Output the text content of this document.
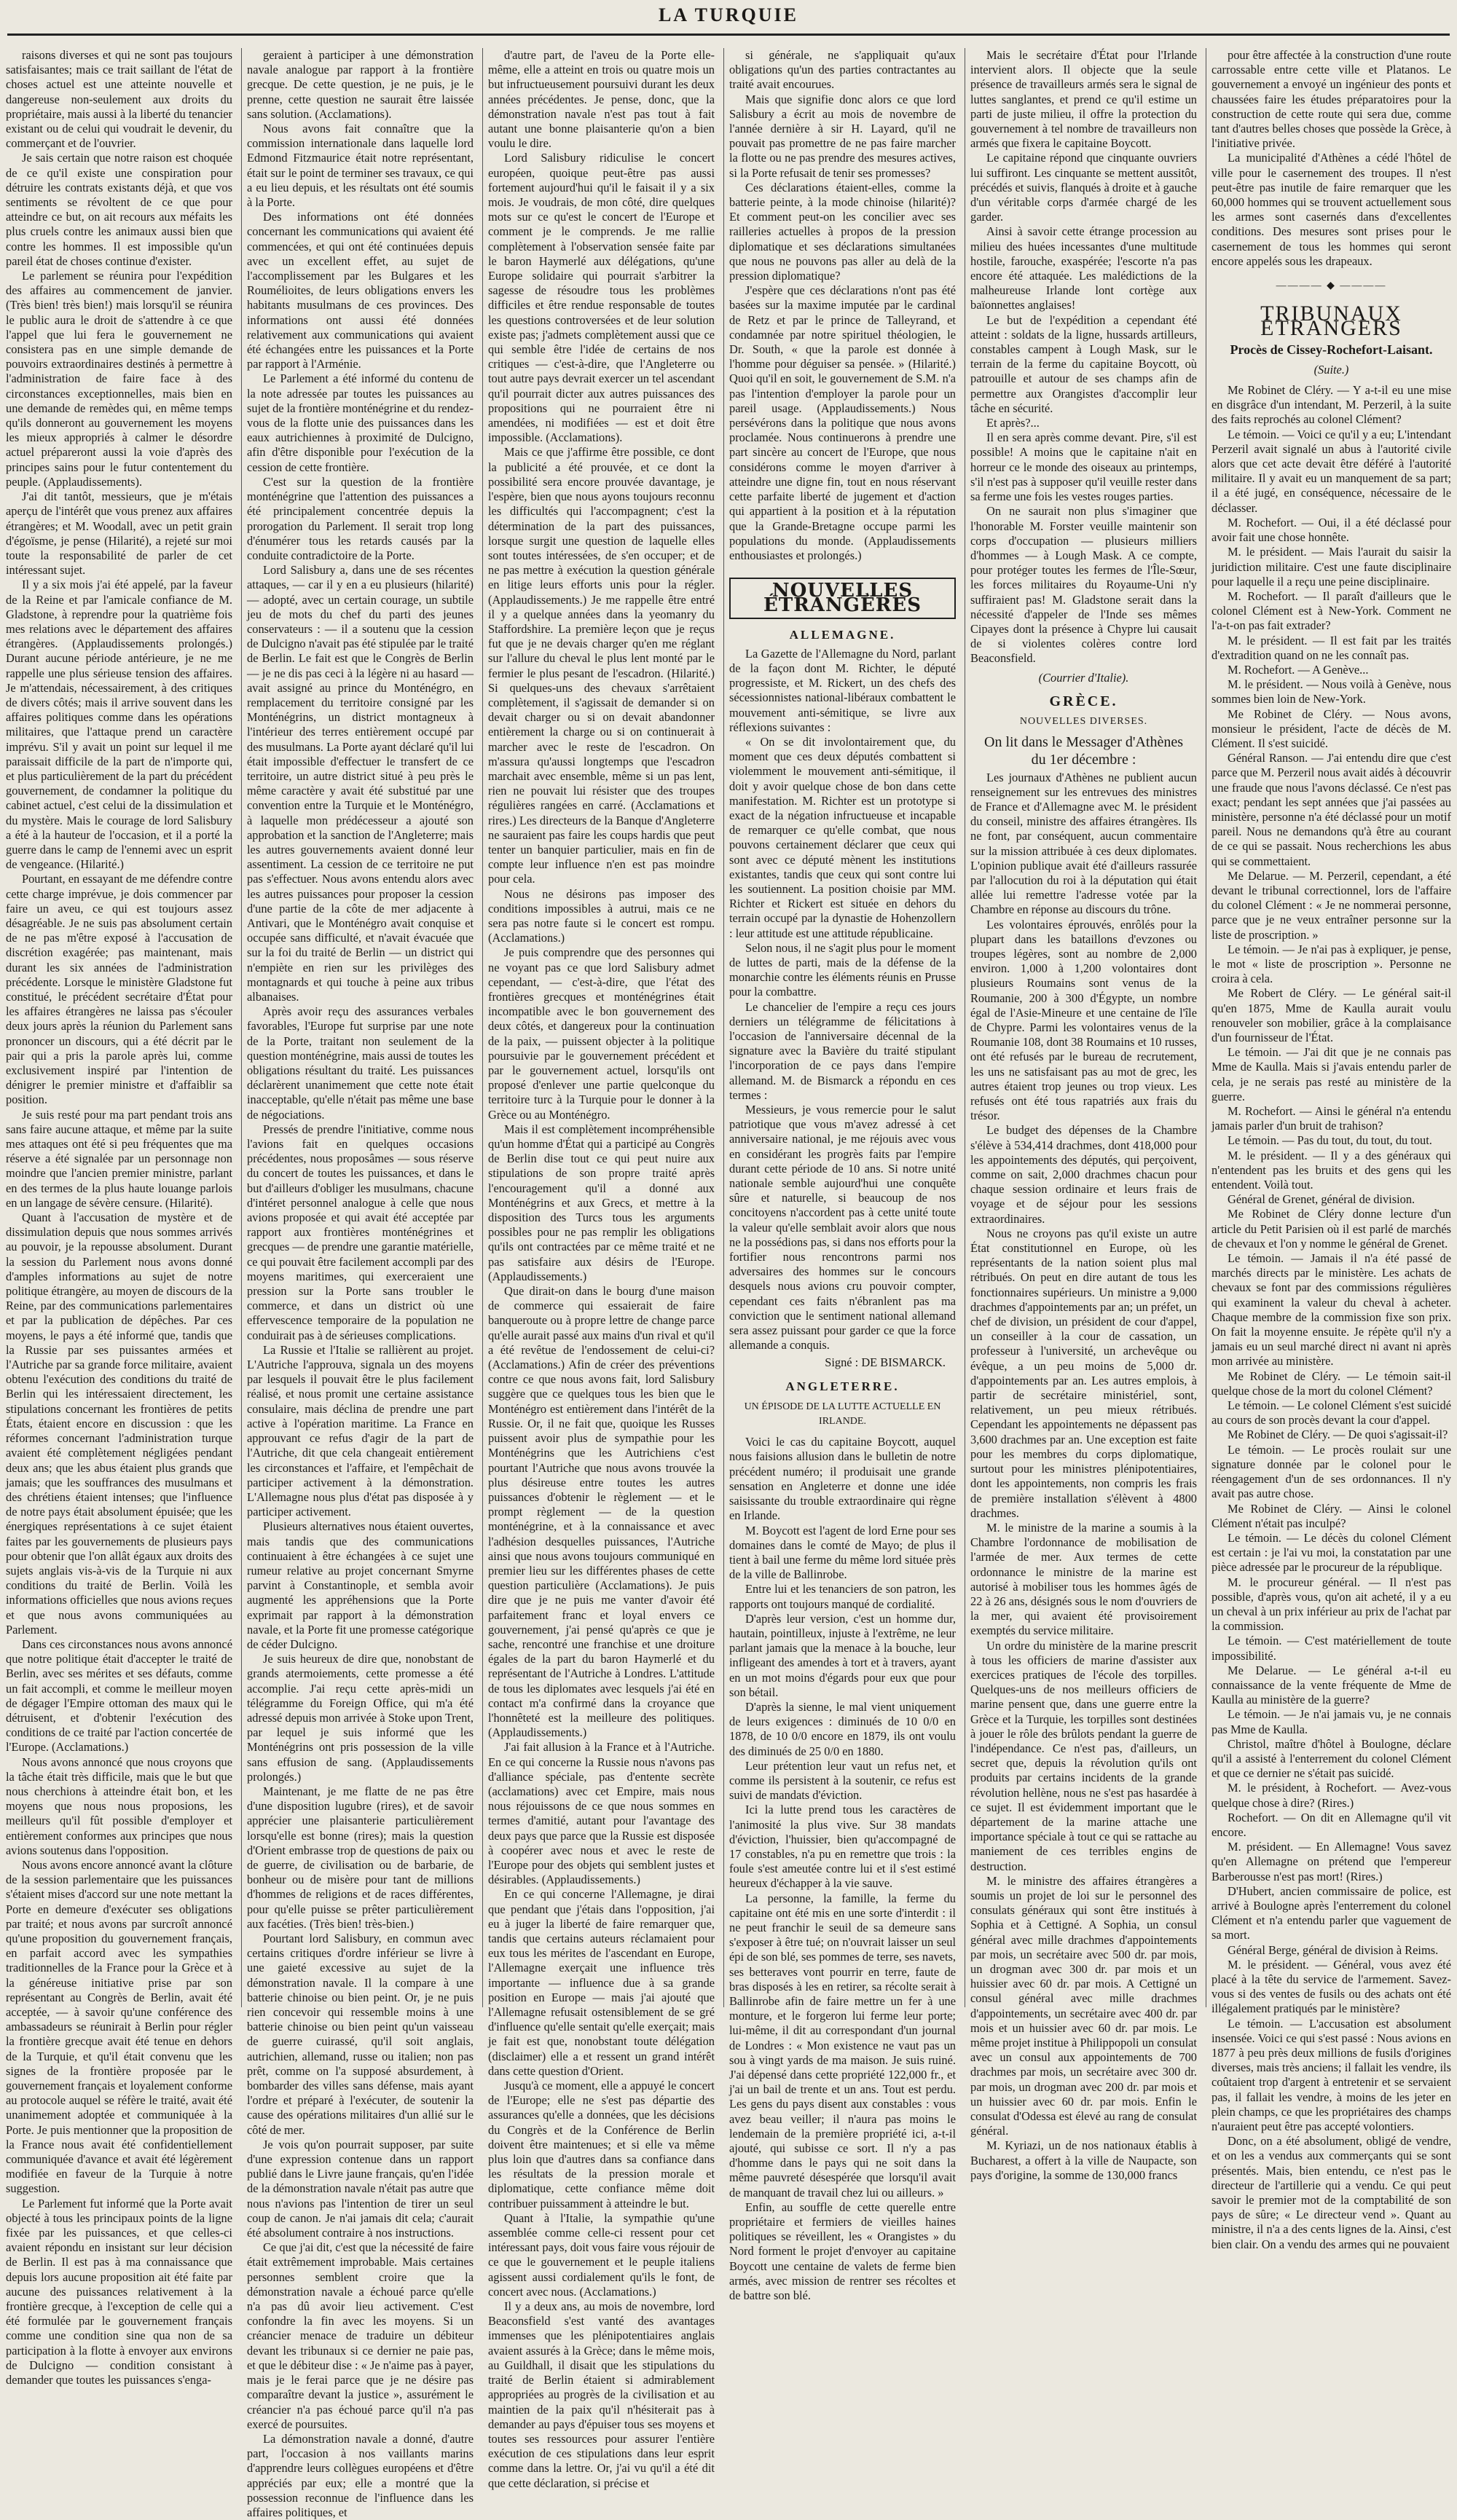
LA TURQUIE

raisons diverses et qui ne sont pas toujours satisfaisantes; mais ce trait saillant de l'état de choses actuel est une atteinte nouvelle et dangereuse non-seulement aux droits du propriétaire, mais aussi à la liberté du tenancier existant ou de celui qui voudrait le devenir, du commerçant et de l'ouvrier.

Je sais certain que notre raison est choquée de ce qu'il existe une conspiration pour détruire les contrats existants déjà, et que vos sentiments se révoltent de ce que pour atteindre ce but, on ait recours aux méfaits les plus cruels contre les animaux aussi bien que contre les hommes. Il est impossible qu'un pareil état de choses continue d'exister.

Le parlement se réunira pour l'expédition des affaires au commencement de janvier. (Très bien! très bien!) mais lorsqu'il se réunira le public aura le droit de s'attendre à ce que l'appel que lui fera le gouvernement ne consistera pas en une simple demande de pouvoirs extraordinaires destinés à permettre à l'administration de faire face à des circonstances exceptionnelles, mais bien en une demande de remèdes qui, en même temps qu'ils donneront au gouvernement les moyens les mieux appropriés à calmer le désordre actuel prépareront aussi la voie d'après des principes sains pour le futur contentement du peuple. (Applaudissements).

J'ai dit tantôt, messieurs, que je m'étais aperçu de l'intérêt que vous prenez aux affaires étrangères; et M. Woodall, avec un petit grain d'égoïsme, je pense (Hilarité), a rejeté sur moi toute la responsabilité de parler de cet intéressant sujet.

Il y a six mois j'ai été appelé, par la faveur de la Reine et par l'amicale confiance de M. Gladstone, à reprendre pour la quatrième fois mes relations avec le département des affaires étrangères. (Applaudissements prolongés.) Durant aucune période antérieure, je ne me rappelle une plus sérieuse tension des affaires. Je m'attendais, nécessairement, à des critiques de divers côtés; mais il arrive souvent dans les affaires politiques comme dans les opérations militaires, que l'attaque prend un caractère imprévu. S'il y avait un point sur lequel il me paraissait difficile de la part de n'importe qui, et plus particulièrement de la part du précédent gouvernement, de condamner la politique du cabinet actuel, c'est celui de la dissimulation et du mystère. Mais le courage de lord Salisbury a été à la hauteur de l'occasion, et il a porté la guerre dans le camp de l'ennemi avec un esprit de vengeance. (Hilarité.)

Pourtant, en essayant de me défendre contre cette charge imprévue, je dois commencer par faire un aveu, ce qui est toujours assez désagréable. Je ne suis pas absolument certain de ne pas m'être exposé à l'accusation de discrétion exagérée; pas maintenant, mais durant les six années de l'administration précédente. Lorsque le ministère Gladstone fut constitué, le précédent secrétaire d'État pour les affaires étrangères ne laissa pas s'écouler deux jours après la réunion du Parlement sans prononcer un discours, qui a été décrit par le pair qui a pris la parole après lui, comme exclusivement inspiré par l'intention de dénigrer le premier ministre et d'affaiblir sa position.

Je suis resté pour ma part pendant trois ans sans faire aucune attaque, et même par la suite mes attaques ont été si peu fréquentes que ma réserve a été signalée par un personnage non moindre que l'ancien premier ministre, parlant en des termes de la plus haute louange parlois en un langage de sévère censure. (Hilarité).

Quant à l'accusation de mystère et de dissimulation depuis que nous sommes arrivés au pouvoir, je la repousse absolument. Durant la session du Parlement nous avons donné d'amples informations au sujet de notre politique étrangère, au moyen de discours de la Reine, par des communications parlementaires et par la publication de dépêches. Par ces moyens, le pays a été informé que, tandis que la Russie par ses puissantes armées et l'Autriche par sa grande force militaire, avaient obtenu l'exécution des conditions du traité de Berlin qui les intéressaient directement, les stipulations concernant les frontières de petits États, étaient encore en discussion : que les réformes concernant l'administration turque avaient été complètement négligées pendant deux ans; que les abus étaient plus grands que jamais; que les souffrances des musulmans et des chrétiens étaient intenses; que l'influence de notre pays était absolument épuisée; que les énergiques représentations à ce sujet étaient faites par les gouvernements de plusieurs pays pour obtenir que l'on allât égaux aux droits des sujets anglais vis-à-vis de la Turquie ni aux conditions du traité de Berlin. Voilà les informations officielles que nous avions reçues et que nous avons communiquées au Parlement.

Dans ces circonstances nous avons annoncé que notre politique était d'accepter le traité de Berlin, avec ses mérites et ses défauts, comme un fait accompli, et comme le meilleur moyen de dégager l'Empire ottoman des maux qui le détruisent, et d'obtenir l'exécution des conditions de ce traité par l'action concertée de l'Europe. (Acclamations.)

Nous avons annoncé que nous croyons que la tâche était très difficile, mais que le but que nous cherchions à atteindre était bon, et les moyens que nous nous proposions, les meilleurs qu'il fût possible d'employer et entièrement conformes aux principes que nous avions soutenus dans l'opposition.

Nous avons encore annoncé avant la clôture de la session parlementaire que les puissances s'étaient mises d'accord sur une note mettant la Porte en demeure d'exécuter ses obligations par traité; et nous avons par surcroît annoncé qu'une proposition du gouvernement français, en parfait accord avec les sympathies traditionnelles de la France pour la Grèce et à la généreuse initiative prise par son représentant au Congrès de Berlin, avait été acceptée, — à savoir qu'une conférence des ambassadeurs se réunirait à Berlin pour régler la frontière grecque avait été tenue en dehors de la Turquie, et qu'il était convenu que les signes de la frontière proposée par le gouvernement français et loyalement conforme au protocole auquel se réfère le traité, avait été unanimement adoptée et communiquée à la Porte. Je puis mentionner que la proposition de la France nous avait été confidentiellement communiquée d'avance et avait été légèrement modifiée en faveur de la Turquie à notre suggestion.

Le Parlement fut informé que la Porte avait objecté à tous les principaux points de la ligne fixée par les puissances, et que celles-ci avaient répondu en insistant sur leur décision de Berlin. Il est pas à ma connaissance que depuis lors aucune proposition ait été faite par aucune des puissances relativement à la frontière grecque, à l'exception de celle qui a été formulée par le gouvernement français comme une condition sine qua non de sa participation à la flotte à envoyer aux environs de Dulcigno — condition consistant à demander que toutes les puissances s'enga-

geraient à participer à une démonstration navale analogue par rapport à la frontière grecque. De cette question, je ne puis, je le prenne, cette question ne saurait être laissée sans solution. (Acclamations).

Nous avons fait connaître que la commission internationale dans laquelle lord Edmond Fitzmaurice était notre représentant, était sur le point de terminer ses travaux, ce qui a eu lieu depuis, et les résultats ont été soumis à la Porte.

Des informations ont été données concernant les communications qui avaient été commencées, et qui ont été continuées depuis avec un excellent effet, au sujet de l'accomplissement par les Bulgares et les Roumélioites, de leurs obligations envers les habitants musulmans de ces provinces. Des informations ont aussi été données relativement aux communications qui avaient été échangées entre les puissances et la Porte par rapport à l'Arménie.

Le Parlement a été informé du contenu de la note adressée par toutes les puissances au sujet de la frontière monténégrine et du rendez-vous de la flotte unie des puissances dans les eaux autrichiennes à proximité de Dulcigno, afin d'être disponible pour l'exécution de la cession de cette frontière.

C'est sur la question de la frontière monténégrine que l'attention des puissances a été principalement concentrée depuis la prorogation du Parlement. Il serait trop long d'énumérer tous les retards causés par la conduite contradictoire de la Porte.

Lord Salisbury a, dans une de ses récentes attaques, — car il y en a eu plusieurs (hilarité) — adopté, avec un certain courage, un subtile jeu de mots du chef du parti des jeunes conservateurs : — il a soutenu que la cession de Dulcigno n'avait pas été stipulée par le traité de Berlin. Le fait est que le Congrès de Berlin — je ne dis pas ceci à la légère ni au hasard — avait assigné au prince du Monténégro, en remplacement du territoire consigné par les Monténégrins, un district montagneux à l'intérieur des terres entièrement occupé par des musulmans. La Porte ayant déclaré qu'il lui était impossible d'effectuer le transfert de ce territoire, un autre district situé à peu près le même caractère y avait été substitué par une convention entre la Turquie et le Monténégro, à laquelle mon prédécesseur a ajouté son approbation et la sanction de l'Angleterre; mais les autres gouvernements avaient donné leur assentiment. La cession de ce territoire ne put pas s'effectuer. Nous avons entendu alors avec les autres puissances pour proposer la cession d'une partie de la côte de mer adjacente à Antivari, que le Monténégro avait conquise et occupée sans difficulté, et n'avait évacuée que sur la foi du traité de Berlin — un district qui n'empiète en rien sur les privilèges des montagnards et qui touche à peine aux tribus albanaises.

Après avoir reçu des assurances verbales favorables, l'Europe fut surprise par une note de la Porte, traitant non seulement de la question monténégrine, mais aussi de toutes les obligations résultant du traité. Les puissances déclarèrent unanimement que cette note était inacceptable, qu'elle n'était pas même une base de négociations.

Pressés de prendre l'initiative, comme nous l'avions fait en quelques occasions précédentes, nous proposâmes — sous réserve du concert de toutes les puissances, et dans le but d'ailleurs d'obliger les musulmans, chacune d'intéret personnel analogue à celle que nous avions proposée et qui avait été acceptée par rapport aux frontières monténégrines et grecques — de prendre une garantie matérielle, ce qui pouvait être facilement accompli par des moyens maritimes, qui exerceraient une pression sur la Porte sans troubler le commerce, et dans un district où une effervescence temporaire de la population ne conduirait pas à de sérieuses complications.

La Russie et l'Italie se rallièrent au projet. L'Autriche l'approuva, signala un des moyens par lesquels il pouvait être le plus facilement réalisé, et nous promit une certaine assistance consulaire, mais déclina de prendre une part active à l'opération maritime. La France en approuvant ce refus d'agir de la part de l'Autriche, dit que cela changeait entièrement les circonstances et l'affaire, et l'empêchait de participer activement à la démonstration. L'Allemagne nous plus d'état pas disposée à y participer activement.

Plusieurs alternatives nous étaient ouvertes, mais tandis que des communications continuaient à être échangées à ce sujet une rumeur relative au projet concernant Smyrne parvint à Constantinople, et sembla avoir augmenté les appréhensions que la Porte exprimait par rapport à la démonstration navale, et la Porte fit une promesse catégorique de céder Dulcigno.

Je suis heureux de dire que, nonobstant de grands atermoiements, cette promesse a été accomplie. J'ai reçu cette après-midi un télégramme du Foreign Office, qui m'a été adressé depuis mon arrivée à Stoke upon Trent, par lequel je suis informé que les Monténégrins ont pris possession de la ville sans effusion de sang. (Applaudissements prolongés.)

Maintenant, je me flatte de ne pas être d'une disposition lugubre (rires), et de savoir apprécier une plaisanterie particulièrement lorsqu'elle est bonne (rires); mais la question d'Orient embrasse trop de questions de paix ou de guerre, de civilisation ou de barbarie, de bonheur ou de misère pour tant de millions d'hommes de religions et de races différentes, pour qu'elle puisse se prêter particulièrement aux facéties. (Très bien! très-bien.)

Pourtant lord Salisbury, en commun avec certains critiques d'ordre inférieur se livre à une gaieté excessive au sujet de la démonstration navale. Il la compare à une batterie chinoise ou bien peint. Or, je ne puis rien concevoir qui ressemble moins à une batterie chinoise ou bien peint qu'un vaisseau de guerre cuirassé, qu'il soit anglais, autrichien, allemand, russe ou italien; non pas prêt, comme on l'a supposé absurdement, à bombarder des villes sans défense, mais ayant l'ordre et préparé à l'exécuter, de soutenir la cause des opérations militaires d'un allié sur le côté de mer.

Je vois qu'on pourrait supposer, par suite d'une expression contenue dans un rapport publié dans le Livre jaune français, qu'en l'idée de la démonstration navale n'était pas autre que nous n'avions pas l'intention de tirer un seul coup de canon. Je n'ai jamais dit cela; c'aurait été absolument contraire à nos instructions.

Ce que j'ai dit, c'est que la nécessité de faire était extrêmement improbable. Mais certaines personnes semblent croire que la démonstration navale a échoué parce qu'elle n'a pas dû avoir lieu activement. C'est confondre la fin avec les moyens. Si un créancier menace de traduire un débiteur devant les tribunaux si ce dernier ne paie pas, et que le débiteur dise : « Je n'aime pas à payer, mais je le ferai parce que je ne désire pas comparaître devant la justice », assurément le créancier n'a pas échoué parce qu'il n'a pas exercé de poursuites.

La démonstration navale a donné, d'autre part, l'occasion à nos vaillants marins d'apprendre leurs collègues européens et d'être appréciés par eux; elle a montré que la possession reconnue de l'influence dans les affaires politiques, et

d'autre part, de l'aveu de la Porte elle-même, elle a atteint en trois ou quatre mois un but infructueusement poursuivi durant les deux années précédentes. Je pense, donc, que la démonstration navale n'est pas tout à fait autant une bonne plaisanterie qu'on a bien voulu le dire.

Lord Salisbury ridiculise le concert européen, quoique peut-être pas aussi fortement aujourd'hui qu'il le faisait il y a six mois. Je voudrais, de mon côté, dire quelques mots sur ce qu'est le concert de l'Europe et comment je le comprends. Je me rallie complètement à l'observation sensée faite par le baron Haymerlé aux délégations, qu'une Europe solidaire qui pourrait s'arbitrer la sagesse de résoudre tous les problèmes difficiles et être rendue responsable de toutes les questions controversées et de leur solution existe pas; j'admets complètement aussi que ce qui semble être l'idée de certains de nos critiques — c'est-à-dire, que l'Angleterre ou tout autre pays devrait exercer un tel ascendant qu'il pourrait dicter aux autres puissances des propositions qui ne pourraient être ni amendées, ni modifiées — est et doit être impossible. (Acclamations).

Mais ce que j'affirme être possible, ce dont la publicité a été prouvée, et ce dont la possibilité sera encore prouvée davantage, je l'espère, bien que nous ayons toujours reconnu les difficultés qui l'accompagnent; c'est la détermination de la part des puissances, lorsque surgit une question de laquelle elles sont toutes intéressées, de s'en occuper; et de ne pas mettre à exécution la question générale en litige leurs efforts unis pour la régler. (Applaudissements.) Je me rappelle être entré il y a quelque années dans la yeomanry du Staffordshire. La première leçon que je reçus fut que je ne devais charger qu'en me réglant sur l'allure du cheval le plus lent monté par le fermier le plus pesant de l'escadron. (Hilarité.) Si quelques-uns des chevaux s'arrêtaient complètement, il s'agissait de demander si on devait charger ou si on devait abandonner entièrement la charge ou si on continuerait à marcher avec le reste de l'escadron. On m'assura qu'aussi longtemps que l'escadron marchait avec ensemble, même si un pas lent, rien ne pouvait lui résister que des troupes régulières rangées en carré. (Acclamations et rires.) Les directeurs de la Banque d'Angleterre ne sauraient pas faire les coups hardis que peut tenter un banquier particulier, mais en fin de compte leur influence n'en est pas moindre pour cela.

Nous ne désirons pas imposer des conditions impossibles à autrui, mais ce ne sera pas notre faute si le concert est rompu. (Acclamations.)

Je puis comprendre que des personnes qui ne voyant pas ce que lord Salisbury admet cependant, — c'est-à-dire, que l'état des frontières grecques et monténégrines était incompatible avec le bon gouvernement des deux côtés, et dangereux pour la continuation de la paix, — puissent objecter à la politique poursuivie par le gouvernement précédent et par le gouvernement actuel, lorsqu'ils ont proposé d'enlever une partie quelconque du territoire turc à la Turquie pour le donner à la Grèce ou au Monténégro.

Mais il est complètement incompréhensible qu'un homme d'État qui a participé au Congrès de Berlin dise tout ce qui peut nuire aux stipulations de son propre traité après l'encouragement qu'il a donné aux Monténégrins et aux Grecs, et mettre à la disposition des Turcs tous les arguments possibles pour ne pas remplir les obligations qu'ils ont contractées par ce même traité et ne pas satisfaire aux désirs de l'Europe. (Applaudissements.)

Que dirait-on dans le bourg d'une maison de commerce qui essaierait de faire banqueroute ou à propre lettre de change parce qu'elle aurait passé aux mains d'un rival et qu'il a été revêtue de l'endossement de celui-ci? (Acclamations.) Afin de créer des préventions contre ce que nous avons fait, lord Salisbury suggère que ce quelques tous les bien que le Monténégro est entièrement dans l'intérêt de la Russie. Or, il ne fait que, quoique les Russes puissent avoir plus de sympathie pour les Monténégrins que les Autrichiens c'est pourtant l'Autriche que nous avons trouvée la plus désireuse entre toutes les autres puissances d'obtenir le règlement — et le prompt règlement — de la question monténégrine, et à la connaissance et avec l'adhésion desquelles puissances, l'Autriche ainsi que nous avons toujours communiqué en premier lieu sur les différentes phases de cette question particulière (Acclamations). Je puis dire que je ne puis me vanter d'avoir été parfaitement franc et loyal envers ce gouvernement, j'ai pensé qu'après ce que je sache, rencontré une franchise et une droiture égales de la part du baron Haymerlé et du représentant de l'Autriche à Londres. L'attitude de tous les diplomates avec lesquels j'ai été en contact m'a confirmé dans la croyance que l'honnêteté est la meilleure des politiques. (Applaudissements.)

J'ai fait allusion à la France et à l'Autriche. En ce qui concerne la Russie nous n'avons pas d'alliance spéciale, pas d'entente secrète (acclamations) avec cet Empire, mais nous nous réjouissons de ce que nous sommes en termes d'amitié, autant pour l'avantage des deux pays que parce que la Russie est disposée à coopérer avec nous et avec le reste de l'Europe pour des objets qui semblent justes et désirables. (Applaudissements.)

En ce qui concerne l'Allemagne, je dirai que pendant que j'étais dans l'opposition, j'ai eu à juger la liberté de faire remarquer que, tandis que certains auteurs réclamaient pour eux tous les mérites de l'ascendant en Europe, l'Allemagne exerçait une influence très importante — influence due à sa grande position en Europe — mais j'ai ajouté que l'Allemagne refusait ostensiblement de se gré d'influence qu'elle sentait qu'elle exerçait; mais je fait est que, nonobstant toute délégation (disclaimer) elle a et ressent un grand intérêt dans cette question d'Orient.

Jusqu'à ce moment, elle a appuyé le concert de l'Europe; elle ne s'est pas départie des assurances qu'elle a données, que les décisions du Congrès et de la Conférence de Berlin doivent être maintenues; et si elle va même plus loin que d'autres dans sa confiance dans les résultats de la pression morale et diplomatique, cette confiance même doit contribuer puissamment à atteindre le but.

Quant à l'Italie, la sympathie qu'une assemblée comme celle-ci ressent pour cet intéressant pays, doit vous faire vous réjouir de ce que le gouvernement et le peuple italiens agissent aussi cordialement qu'ils le font, de concert avec nous. (Acclamations.)

Il y a deux ans, au mois de novembre, lord Beaconsfield s'est vanté des avantages immenses que les plénipotentiaires anglais avaient assurés à la Grèce; dans le même mois, au Guildhall, il disait que les stipulations du traité de Berlin étaient si admirablement appropriées au progrès de la civilisation et au maintien de la paix qu'il n'hésiterait pas à demander au pays d'épuiser tous ses moyens et toutes ses ressources pour assurer l'entière exécution de ces stipulations dans leur esprit comme dans la lettre. Or, j'ai vu qu'il a été dit que cette déclaration, si précise et

si générale, ne s'appliquait qu'aux obligations qu'un des parties contractantes au traité avait encourues.

Mais que signifie donc alors ce que lord Salisbury a écrit au mois de novembre de l'année dernière à sir H. Layard, qu'il ne pouvait pas promettre de ne pas faire marcher la flotte ou ne pas prendre des mesures actives, si la Porte refusait de tenir ses promesses?

Ces déclarations étaient-elles, comme la batterie peinte, à la mode chinoise (hilarité)? Et comment peut-on les concilier avec ses railleries actuelles à propos de la pression diplomatique et ses déclarations simultanées que nous ne pouvons pas aller au delà de la pression diplomatique?

J'espère que ces déclarations n'ont pas été basées sur la maxime imputée par le cardinal de Retz et par le prince de Talleyrand, et condamnée par notre spirituel théologien, le Dr. South, « que la parole est donnée à l'homme pour déguiser sa pensée. » (Hilarité.) Quoi qu'il en soit, le gouvernement de S.M. n'a pas l'intention d'employer la parole pour un pareil usage. (Applaudissements.) Nous persévérons dans la politique que nous avons proclamée. Nous continuerons à prendre une part sincère au concert de l'Europe, que nous considérons comme le moyen d'arriver à atteindre une digne fin, tout en nous réservant cette parfaite liberté de jugement et d'action qui appartient à la position et à la réputation que la Grande-Bretagne occupe parmi les populations du monde. (Applaudissements enthousiastes et prolongés.)

NOUVELLES ÉTRANGÈRES
ALLEMAGNE.

La Gazette de l'Allemagne du Nord, parlant de la façon dont M. Richter, le député progressiste, et M. Rickert, un des chefs des sécessionnistes national-libéraux combattent le mouvement anti-sémitique, se livre aux réflexions suivantes :

« On se dit involontairement que, du moment que ces deux députés combattent si violemment le mouvement anti-sémitique, il doit y avoir quelque chose de bon dans cette manifestation. M. Richter est un prototype si exact de la négation infructueuse et incapable de remarquer ce qu'elle combat, que nous pouvons certainement déclarer que ceux qui sont avec ce député mènent les institutions existantes, tandis que ceux qui sont contre lui les soutiennent. La position choisie par MM. Richter et Rickert est située en dehors du terrain occupé par la dynastie de Hohenzollern : leur attitude est une attitude républicaine.

Selon nous, il ne s'agit plus pour le moment de luttes de parti, mais de la défense de la monarchie contre les éléments réunis en Prusse pour la combattre.

Le chancelier de l'empire a reçu ces jours derniers un télégramme de félicitations à l'occasion de l'anniversaire décennal de la signature avec la Bavière du traité stipulant l'incorporation de ce pays dans l'empire allemand. M. de Bismarck a répondu en ces termes :

Messieurs, je vous remercie pour le salut patriotique que vous m'avez adressé à cet anniversaire national, je me réjouis avec vous en considérant les progrès faits par l'empire durant cette période de 10 ans. Si notre unité nationale semble aujourd'hui une conquête sûre et naturelle, si beaucoup de nos concitoyens n'accordent pas à cette unité toute la valeur qu'elle semblait avoir alors que nous ne la possédions pas, si dans nos efforts pour la fortifier nous rencontrons parmi nos adversaires des hommes sur le concours desquels nous avions cru pouvoir compter, cependant ces faits n'ébranlent pas ma conviction que le sentiment national allemand sera assez puissant pour garder ce que la force allemande a conquis.

Signé : DE BISMARCK.
ANGLETERRE.
UN ÉPISODE DE LA LUTTE ACTUELLE EN IRLANDE.

Voici le cas du capitaine Boycott, auquel nous faisions allusion dans le bulletin de notre précédent numéro; il produisait une grande sensation en Angleterre et donne une idée saisissante du trouble extraordinaire qui règne en Irlande.

M. Boycott est l'agent de lord Erne pour ses domaines dans le comté de Mayo; de plus il tient à bail une ferme du même lord située près de la ville de Ballinrobe.

Entre lui et les tenanciers de son patron, les rapports ont toujours manqué de cordialité.

D'après leur version, c'est un homme dur, hautain, pointilleux, injuste à l'extrême, ne leur parlant jamais que la menace à la bouche, leur infligeant des amendes à tort et à travers, ayant en un mot moins d'égards pour eux que pour son bétail.

D'après la sienne, le mal vient uniquement de leurs exigences : diminués de 10 0/0 en 1878, de 10 0/0 encore en 1879, ils ont voulu des diminués de 25 0/0 en 1880.

Leur prétention leur vaut un refus net, et comme ils persistent à la soutenir, ce refus est suivi de mandats d'éviction.

Ici la lutte prend tous les caractères de l'animosité la plus vive. Sur 38 mandats d'éviction, l'huissier, bien qu'accompagné de 17 constables, n'a pu en remettre que trois : la foule s'est ameutée contre lui et il s'est estimé heureux d'échapper à la vie sauve.

La personne, la famille, la ferme du capitaine ont été mis en une sorte d'interdit : il ne peut franchir le seuil de sa demeure sans s'exposer à être tué; on n'ouvrait laisser un seul épi de son blé, ses pommes de terre, ses navets, ses betteraves vont pourrir en terre, faute de bras disposés à les en retirer, sa récolte serait à Ballinrobe afin de faire mettre un fer à une monture, et le forgeron lui ferme leur porte; lui-même, il dit au correspondant d'un journal de Londres : « Mon existence ne vaut pas un sou à vingt yards de ma maison. Je suis ruiné. J'ai dépensé dans cette propriété 122,000 fr., et j'ai un bail de trente et un ans. Tout est perdu. Les gens du pays disent aux constables : vous avez beau veiller; il n'aura pas moins le lendemain de la première propriété ici, a-t-il ajouté, qui subisse ce sort. Il n'y a pas d'homme dans le pays qui ne soit dans la même pauvreté désespérée que lorsqu'il avait de manquant de travail chez lui ou ailleurs. »

Enfin, au souffle de cette querelle entre propriétaire et fermiers de vieilles haines politiques se réveillent, les « Orangistes » du Nord forment le projet d'envoyer au capitaine Boycott une centaine de valets de ferme bien armés, avec mission de rentrer ses récoltes et de battre son blé.

Mais le secrétaire d'État pour l'Irlande intervient alors. Il objecte que la seule présence de travailleurs armés sera le signal de luttes sanglantes, et prend ce qu'il estime un parti de juste milieu, il offre la protection du gouvernement à tel nombre de travailleurs non armés que fixera le capitaine Boycott.

Le capitaine répond que cinquante ouvriers lui suffiront. Les cinquante se mettent aussitôt, précédés et suivis, flanqués à droite et à gauche d'un véritable corps d'armée chargé de les garder.

Ainsi à savoir cette étrange procession au milieu des huées incessantes d'une multitude hostile, farouche, exaspérée; l'escorte n'a pas encore été attaquée. Les malédictions de la malheureuse Irlande lont cortège aux baïonnettes anglaises!

Le but de l'expédition a cependant été atteint : soldats de la ligne, hussards artilleurs, constables campent à Lough Mask, sur le terrain de la ferme du capitaine Boycott, où patrouille et autour de ses champs afin de permettre aux Orangistes d'accomplir leur tâche en sécurité.

Et après?...

Il en sera après comme devant. Pire, s'il est possible! A moins que le capitaine n'ait en horreur ce le monde des oiseaux au printemps, s'il n'est pas à supposer qu'il veuille rester dans sa ferme une fois les vestes rouges parties.

On ne saurait non plus s'imaginer que l'honorable M. Forster veuille maintenir son corps d'occupation — plusieurs milliers d'hommes — à Lough Mask. A ce compte, pour protéger toutes les fermes de l'Île-Sœur, les forces militaires du Royaume-Uni n'y suffiraient pas! M. Gladstone serait dans la nécessité d'appeler de l'Inde ses mêmes Cipayes dont la présence à Chypre lui causait de si violentes colères contre lord Beaconsfield.

(Courrier d'Italie).
GRÈCE.
NOUVELLES DIVERSES.
On lit dans le Messager d'Athènes
du 1er décembre :

Les journaux d'Athènes ne publient aucun renseignement sur les entrevues des ministres de France et d'Allemagne avec M. le président du conseil, ministre des affaires étrangères. Ils ne font, par conséquent, aucun commentaire sur la mission attribuée à ces deux diplomates. L'opinion publique avait été d'ailleurs rassurée par l'allocution du roi à la députation qui était allée lui remettre l'adresse votée par la Chambre en réponse au discours du trône.

Les volontaires éprouvés, enrôlés pour la plupart dans les bataillons d'evzones ou troupes légères, sont au nombre de 2,000 environ. 1,000 à 1,200 volontaires dont plusieurs Roumains sont venus de la Roumanie, 200 à 300 d'Égypte, un nombre égal de l'Asie-Mineure et une centaine de l'île de Chypre. Parmi les volontaires venus de la Roumanie 108, dont 38 Roumains et 10 russes, ont été refusés par le bureau de recrutement, les uns ne satisfaisant pas au mot de grec, les autres étaient trop jeunes ou trop vieux. Les refusés ont été tous rapatriés aux frais du trésor.

Le budget des dépenses de la Chambre s'élève à 534,414 drachmes, dont 418,000 pour les appointements des députés, qui perçoivent, comme on sait, 2,000 drachmes chacun pour chaque session ordinaire et leurs frais de voyage et de séjour pour les sessions extraordinaires.

Nous ne croyons pas qu'il existe un autre État constitutionnel en Europe, où les représentants de la nation soient plus mal rétribués. On peut en dire autant de tous les fonctionnaires supérieurs. Un ministre a 9,000 drachmes d'appointements par an; un préfet, un chef de division, un président de cour d'appel, un conseiller à la cour de cassation, un professeur à l'université, un archevêque ou évêque, a un peu moins de 5,000 dr. d'appointements par an. Les autres emplois, à partir de secrétaire ministériel, sont, relativement, un peu mieux rétribués. Cependant les appointements ne dépassent pas 3,600 drachmes par an. Une exception est faite pour les membres du corps diplomatique, surtout pour les ministres plénipotentiaires, dont les appointements, non compris les frais de première installation s'élèvent à 4800 drachmes.

M. le ministre de la marine a soumis à la Chambre l'ordonnance de mobilisation de l'armée de mer. Aux termes de cette ordonnance le ministre de la marine est autorisé à mobiliser tous les hommes âgés de 22 à 26 ans, désignés sous le nom d'ouvriers de la mer, qui avaient été provisoirement exemptés du service militaire.

Un ordre du ministère de la marine prescrit à tous les officiers de marine d'assister aux exercices pratiques de l'école des torpilles. Quelques-uns de nos meilleurs officiers de marine pensent que, dans une guerre entre la Grèce et la Turquie, les torpilles sont destinées à jouer le rôle des brûlots pendant la guerre de l'indépendance. Ce n'est pas, d'ailleurs, un secret que, depuis la révolution qu'ils ont produits par certains incidents de la grande révolution hellène, nous ne s'est pas hasardée à ce sujet. Il est évidemment important que le département de la marine attache une importance spéciale à tout ce qui se rattache au maniement de ces terribles engins de destruction.

M. le ministre des affaires étrangères a soumis un projet de loi sur le personnel des consulats généraux qui sont être institués à Sophia et à Cettigné. A Sophia, un consul général avec mille drachmes d'appointements par mois, un secrétaire avec 500 dr. par mois, un drogman avec 300 dr. par mois et un huissier avec 60 dr. par mois. A Cettigné un consul général avec mille drachmes d'appointements, un secrétaire avec 400 dr. par mois et un huissier avec 60 dr. par mois. Le même projet institue à Philippopoli un consulat avec un consul aux appointements de 700 drachmes par mois, un secrétaire avec 300 dr. par mois, un drogman avec 200 dr. par mois et un huissier avec 60 dr. par mois. Enfin le consulat d'Odessa est élevé au rang de consulat général.

M. Kyriazi, un de nos nationaux établis à Bucharest, a offert à la ville de Naupacte, son pays d'origine, la somme de 130,000 francs

pour être affectée à la construction d'une route carrossable entre cette ville et Platanos. Le gouvernement a envoyé un ingénieur des ponts et chaussées faire les études préparatoires pour la construction de cette route qui sera due, comme tant d'autres belles choses que possède la Grèce, à l'initiative privée.

La municipalité d'Athènes a cédé l'hôtel de ville pour le casernement des troupes. Il n'est peut-être pas inutile de faire remarquer que les 60,000 hommes qui se trouvent actuellement sous les armes sont casernés dans d'excellentes conditions. Des mesures sont prises pour le casernement de tous les hommes qui seront encore appelés sous les drapeaux.

———— ◆ ————
TRIBUNAUX ÉTRANGERS
Procès de Cissey-Rochefort-Laisant.
(Suite.)

Me Robinet de Cléry. — Y a-t-il eu une mise en disgrâce d'un intendant, M. Perzeril, à la suite des faits reprochés au colonel Clément?

Le témoin. — Voici ce qu'il y a eu; L'intendant Perzeril avait signalé un abus à l'autorité civile alors que cet acte devait être déféré à l'autorité militaire. Il y avait eu un manquement de sa part; il a été jugé, en conséquence, nécessaire de le déclasser.

M. Rochefort. — Oui, il a été déclassé pour avoir fait une chose honnête.

M. le président. — Mais l'aurait du saisir la juridiction militaire. C'est une faute disciplinaire pour laquelle il a reçu une peine disciplinaire.

M. Rochefort. — Il paraît d'ailleurs que le colonel Clément est à New-York. Comment ne l'a-t-on pas fait extrader?

M. le président. — Il est fait par les traités d'extradition quand on ne les connaît pas.

M. Rochefort. — A Genève...

M. le président. — Nous voilà à Genève, nous sommes bien loin de New-York.

Me Robinet de Cléry. — Nous avons, monsieur le président, l'acte de décès de M. Clément. Il s'est suicidé.

Général Ranson. — J'ai entendu dire que c'est parce que M. Perzeril nous avait aidés à découvrir une fraude que nous l'avons déclassé. Ce n'est pas exact; pendant les sept années que j'ai passées au ministère, personne n'a été déclassé pour un motif pareil. Nous ne demandons qu'à être au courant de ce qui se passait. Nous recherchions les abus qui se commettaient.

Me Delarue. — M. Perzeril, cependant, a été devant le tribunal correctionnel, lors de l'affaire du colonel Clément : « Je ne nommerai personne, parce que je ne veux entraîner personne sur la liste de proscription. »

Le témoin. — Je n'ai pas à expliquer, je pense, le mot « liste de proscription ». Personne ne croira à cela.

Me Robert de Cléry. — Le général sait-il qu'en 1875, Mme de Kaulla aurait voulu renouveler son mobilier, grâce à la complaisance d'un fournisseur de l'État.

Le témoin. — J'ai dit que je ne connais pas Mme de Kaulla. Mais si j'avais entendu parler de cela, je ne serais pas resté au ministère de la guerre.

M. Rochefort. — Ainsi le général n'a entendu jamais parler d'un bruit de trahison?

Le témoin. — Pas du tout, du tout, du tout.

M. le président. — Il y a des généraux qui n'entendent pas les bruits et des gens qui les entendent. Voilà tout.

Général de Grenet, général de division.

Me Robinet de Cléry donne lecture d'un article du Petit Parisien où il est parlé de marchés de chevaux et l'on y nomme le général de Grenet.

Le témoin. — Jamais il n'a été passé de marchés directs par le ministère. Les achats de chevaux se font par des commissions régulières qui examinent la valeur du cheval à acheter. Chaque membre de la commission fixe son prix. On fait la moyenne ensuite. Je répète qu'il n'y a jamais eu un seul marché direct ni avant ni après mon arrivée au ministère.

Me Robinet de Cléry. — Le témoin sait-il quelque chose de la mort du colonel Clément?

Le témoin. — Le colonel Clément s'est suicidé au cours de son procès devant la cour d'appel.

Me Robinet de Cléry. — De quoi s'agissait-il?

Le témoin. — Le procès roulait sur une signature donnée par le colonel pour le réengagement d'un de ses ordonnances. Il n'y avait pas autre chose.

Me Robinet de Cléry. — Ainsi le colonel Clément n'était pas inculpé?

Le témoin. — Le décès du colonel Clément est certain : je l'ai vu moi, la constatation par une pièce adressée par le procureur de la république.

M. le procureur général. — Il n'est pas possible, d'après vous, qu'on ait acheté, il y a eu un cheval à un prix inférieur au prix de l'achat par la commission.

Le témoin. — C'est matériellement de toute impossibilité.

Me Delarue. — Le général a-t-il eu connaissance de la vente fréquente de Mme de Kaulla au ministère de la guerre?

Le témoin. — Je n'ai jamais vu, je ne connais pas Mme de Kaulla.

Christol, maître d'hôtel à Boulogne, déclare qu'il a assisté à l'enterrement du colonel Clément et que ce dernier ne s'était pas suicidé.

M. le président, à Rochefort. — Avez-vous quelque chose à dire? (Rires.)

Rochefort. — On dit en Allemagne qu'il vit encore.

M. président. — En Allemagne! Vous savez qu'en Allemagne on prétend que l'empereur Barberousse n'est pas mort! (Rires.)

D'Hubert, ancien commissaire de police, est arrivé à Boulogne après l'enterrement du colonel Clément et n'a entendu parler que vaguement de sa mort.

Général Berge, général de division à Reims.

M. le président. — Général, vous avez été placé à la tête du service de l'armement. Savez-vous si des ventes de fusils ou des achats ont été illégalement pratiqués par le ministère?

Le témoin. — L'accusation est absolument insensée. Voici ce qui s'est passé : Nous avions en 1877 à peu près deux millions de fusils d'origines diverses, mais très anciens; il fallait les vendre, ils coûtaient trop d'argent à entretenir et se servaient pas, il fallait les vendre, à moins de les jeter en plein champs, ce que les propriétaires des champs n'auraient peut être pas accepté volontiers.

Donc, on a été absolument, obligé de vendre, et on les a vendus aux commerçants qui se sont présentés. Mais, bien entendu, ce n'est pas le directeur de l'artillerie qui a vendu. Ce qui peut savoir le premier mot de la comptabilité de son pays de sûre; « Le directeur vend ». Quant au ministre, il n'a a des cents lignes de la. Ainsi, c'est bien clair. On a vendu des armes qui ne pouvaient
